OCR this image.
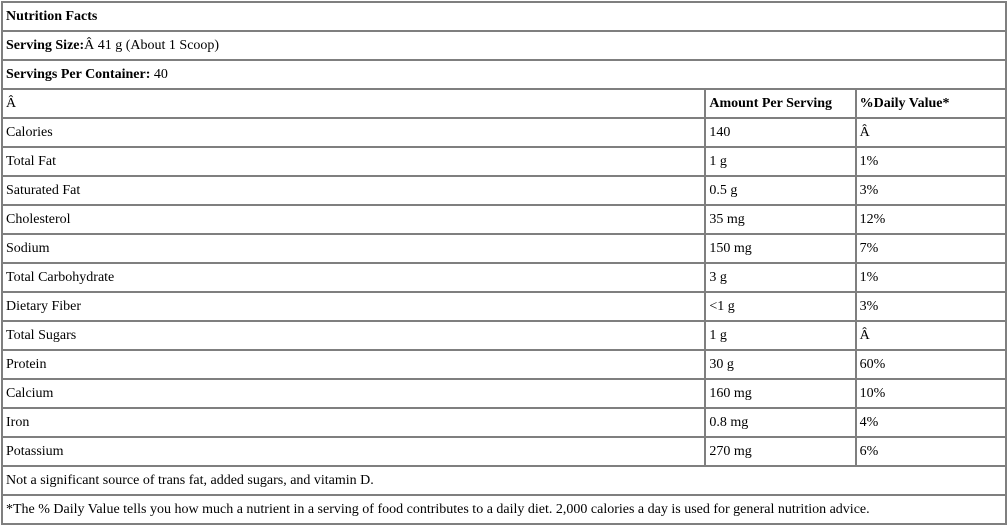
Nutrition Facts		
Serving Size:Â 41 g (About 1 Scoop)		
Servings Per Container: 40		
Â	Amount Per Serving	%Daily Value*
Calories	140	Â
Total Fat	1 g	1%
Saturated Fat	0.5 g	3%
Cholesterol	35 mg	12%
Sodium	150 mg	7%
Total Carbohydrate	3 g	1%
Dietary Fiber	<1 g	3%
Total Sugars	1 g	Â
Protein	30 g	60%
Calcium	160 mg	10%
Iron	0.8 mg	4%
Potassium	270 mg	6%
Not a significant source of trans fat, added sugars, and vitamin D.		
*The % Daily Value tells you how much a nutrient in a serving of food contributes to a daily diet. 2,000 calories a day is used for general nutrition advice.		
